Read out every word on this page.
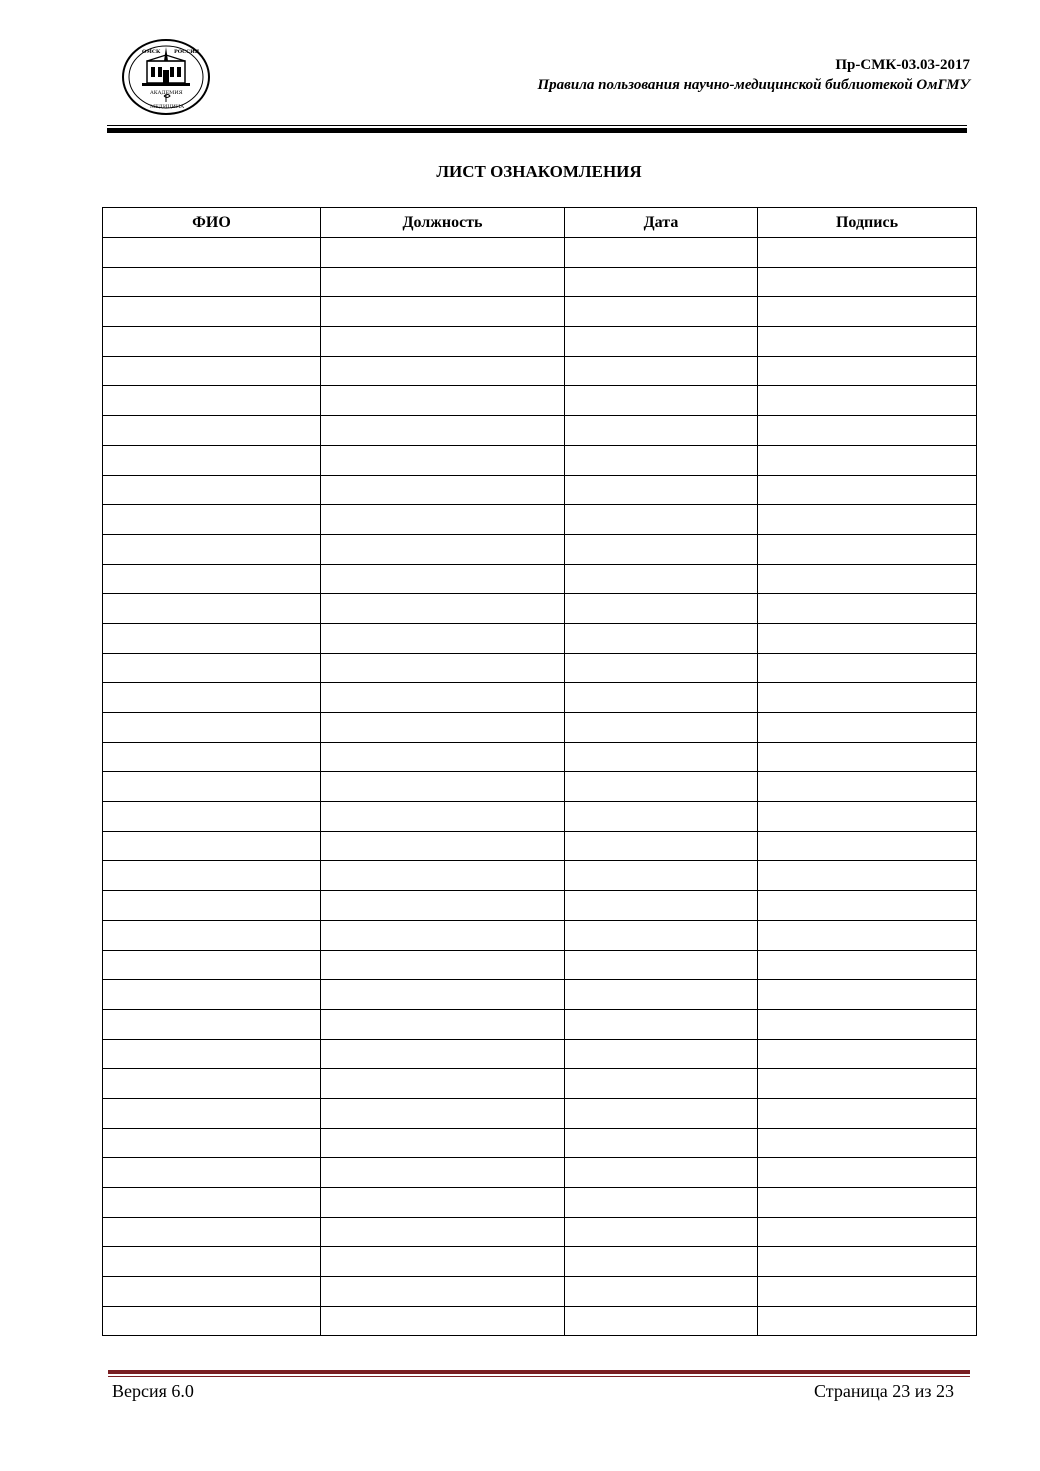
ОМСК	РОССИЯ
АКАДЕМИЯ
МЕДИЦИНА
Пр-СМК-03.03-2017
Правила пользования научно-медицинской библиотекой ОмГМУ
ЛИСТ ОЗНАКОМЛЕНИЯ
ФИО	Должность	Дата	Подпись

Версия 6.0	Страница 23 из 23
